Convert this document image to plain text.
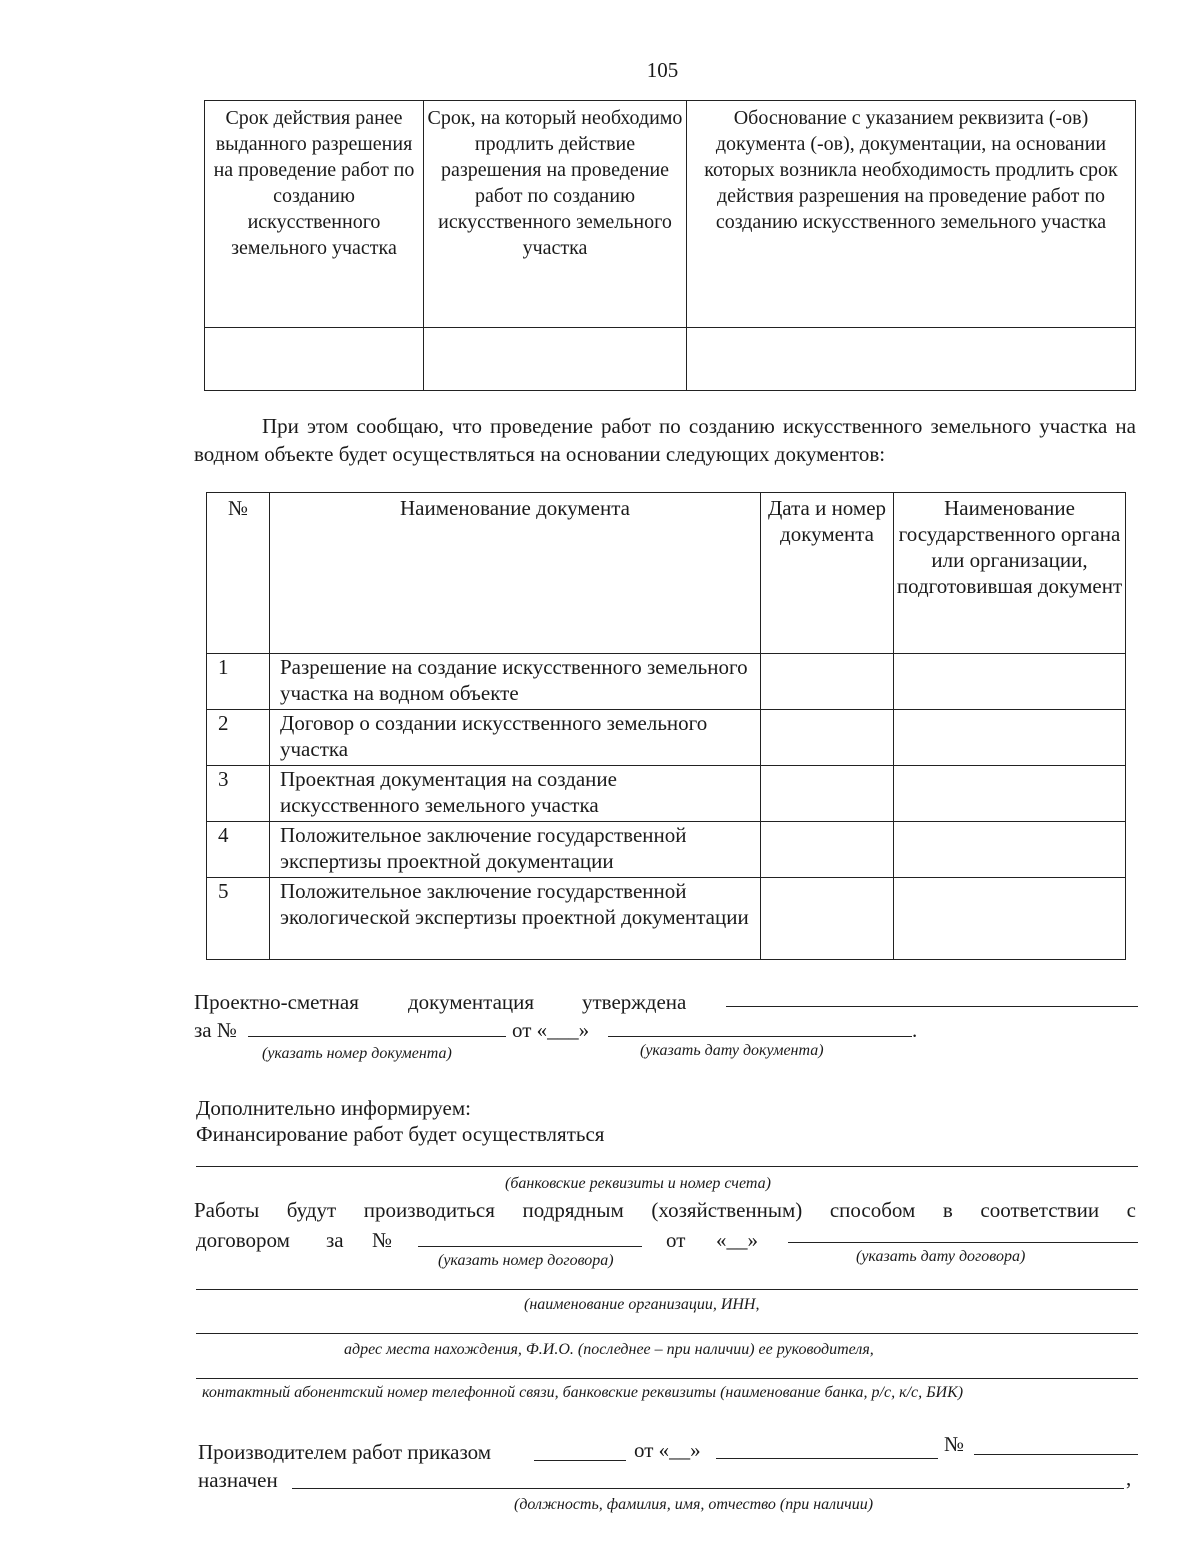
105
Срок действия ранее выданного разрешения на проведение работ по созданию искусственного земельного участка	Срок, на который необходимо продлить действие разрешения на проведение работ по созданию искусственного земельного участка	Обоснование с указанием реквизита (-ов) документа (-ов), документации, на основании которых возникла необходимость продлить срок действия разрешения на проведение работ по созданию искусственного земельного участка

При этом сообщаю, что проведение работ по созданию искусственного земельного участка на водном объекте будет осуществляться на основании следующих документов:
№	Наименование документа	Дата и номер документа	Наименование государственного органа или организации, подготовившая документ
1	Разрешение на создание искусственного земельного участка на водном объекте		
2	Договор о создании искусственного земельного участка		
3	Проектная документация на создание искусственного земельного участка		
4	Положительное заключение государственной экспертизы проектной документации		
5	Положительное заключение государственной экологической экспертизы проектной документации		
Проектно-сметная документация утверждена
за №	от «___»	.
(указать номер документа)	(указать дату документа)
Дополнительно информируем:
Финансирование работ будет осуществляться
(банковские реквизиты и номер счета)
Работы будут производиться подрядным (хозяйственным) способом в соответствии с
договором за №	от «__»
(указать номер договора)	(указать дату договора)
(наименование организации, ИНН,
адрес места нахождения, Ф.И.О. (последнее – при наличии) ее руководителя,
контактный абонентский номер телефонной связи, банковские реквизиты (наименование банка, р/с, к/с, БИК)
Производителем работ приказом	от «__»	№
назначен	,
(должность, фамилия, имя, отчество (при наличии)
